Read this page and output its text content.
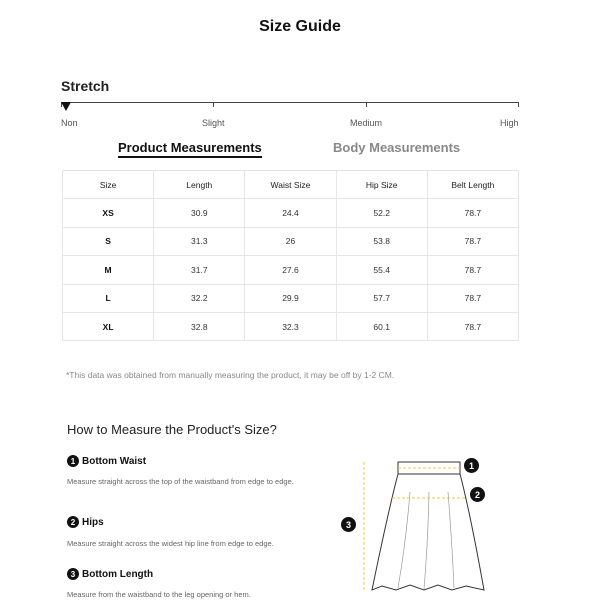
Size Guide
Stretch
Non	Slight	Medium	High
Product Measurements	Body Measurements
Size	Length	Waist Size	Hip Size	Belt Length
XS	30.9	24.4	52.2	78.7
S	31.3	26	53.8	78.7
M	31.7	27.6	55.4	78.7
L	32.2	29.9	57.7	78.7
XL	32.8	32.3	60.1	78.7
*This data was obtained from manually measuring the product, it may be off by 1-2 CM.
How to Measure the Product's Size?
1 Bottom Waist
Measure straight across the top of the waistband from edge to edge.
2 Hips
Measure straight across the widest hip line from edge to edge.
3 Bottom Length
Measure from the waistband to the leg opening or hem.
1
2
3
